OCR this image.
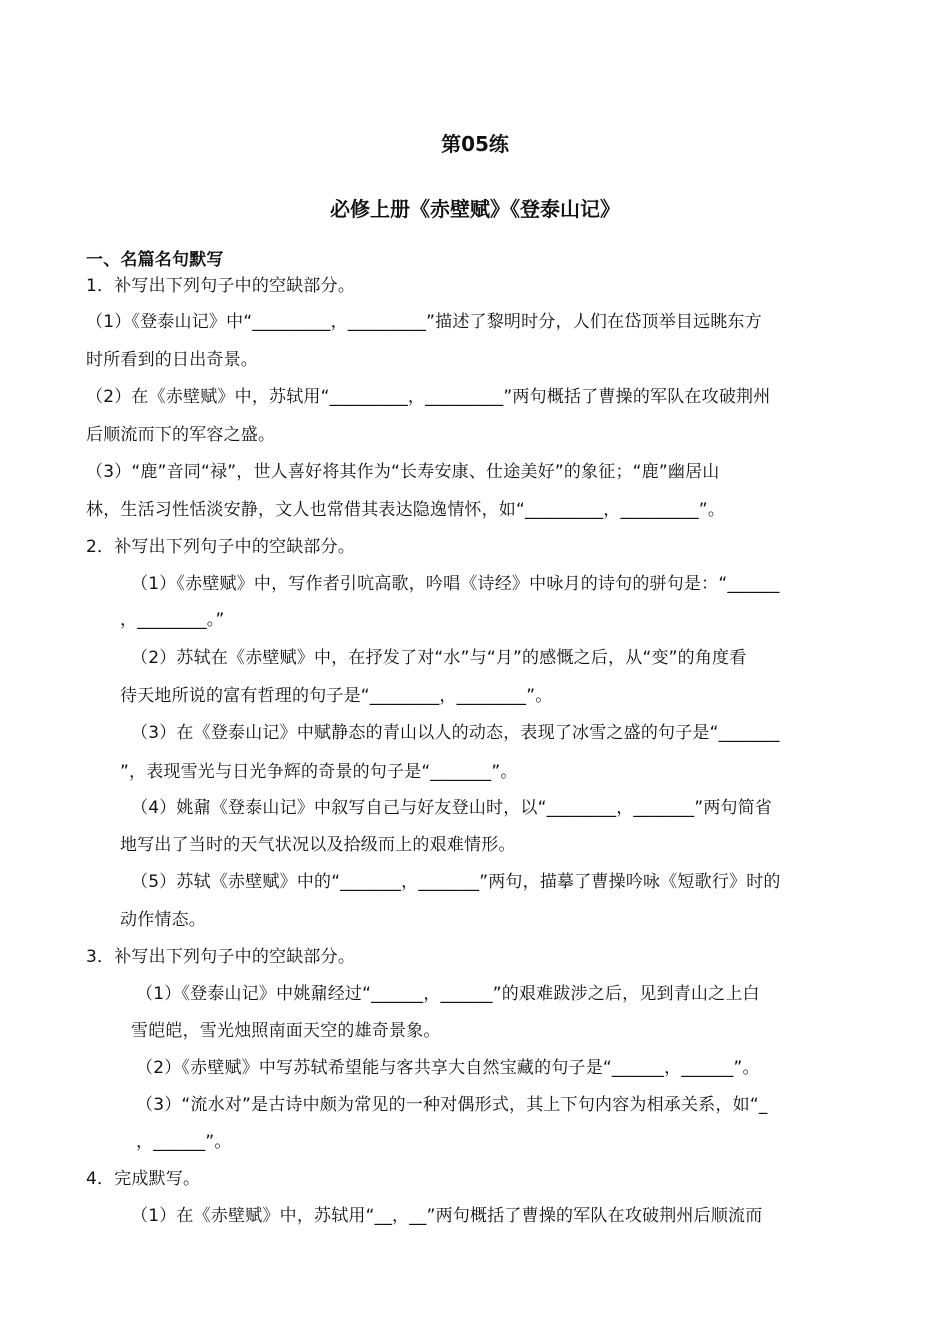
第05练
必修上册《赤壁赋》《登泰山记》
一、名篇名句默写
1．补写出下列句子中的空缺部分。
（1）《登泰山记》中“_________，_________”描述了黎明时分，人们在岱顶举目远眺东方
时所看到的日出奇景。
（2）在《赤壁赋》中，苏轼用“_________，_________”两句概括了曹操的军队在攻破荆州
后顺流而下的军容之盛。
（3）“鹿”音同“禄”，世人喜好将其作为“长寿安康、仕途美好”的象征；“鹿”幽居山
林，生活习性恬淡安静，文人也常借其表达隐逸情怀，如“_________，_________”。
2．补写出下列句子中的空缺部分。
（1）《赤壁赋》中，写作者引吭高歌，吟唱《诗经》中咏月的诗句的骈句是：“______
，________。”
（2）苏轼在《赤壁赋》中，在抒发了对“水”与“月”的感慨之后，从“变”的角度看
待天地所说的富有哲理的句子是“________，________”。
（3）在《登泰山记》中赋静态的青山以人的动态，表现了冰雪之盛的句子是“_______
”，表现雪光与日光争辉的奇景的句子是“_______”。
（4）姚鼐《登泰山记》中叙写自己与好友登山时，以“________，_______”两句简省
地写出了当时的天气状况以及拾级而上的艰难情形。
（5）苏轼《赤壁赋》中的“_______，_______”两句，描摹了曹操吟咏《短歌行》时的
动作情态。
3．补写出下列句子中的空缺部分。
（1）《登泰山记》中姚鼐经过“______，______”的艰难跋涉之后，见到青山之上白
雪皑皑，雪光烛照南面天空的雄奇景象。
（2）《赤壁赋》中写苏轼希望能与客共享大自然宝藏的句子是“______，______”。
（3）“流水对”是古诗中颇为常见的一种对偶形式，其上下句内容为相承关系，如“_
，______”。
4．完成默写。
（1）在《赤壁赋》中，苏轼用“__，__”两句概括了曹操的军队在攻破荆州后顺流而
